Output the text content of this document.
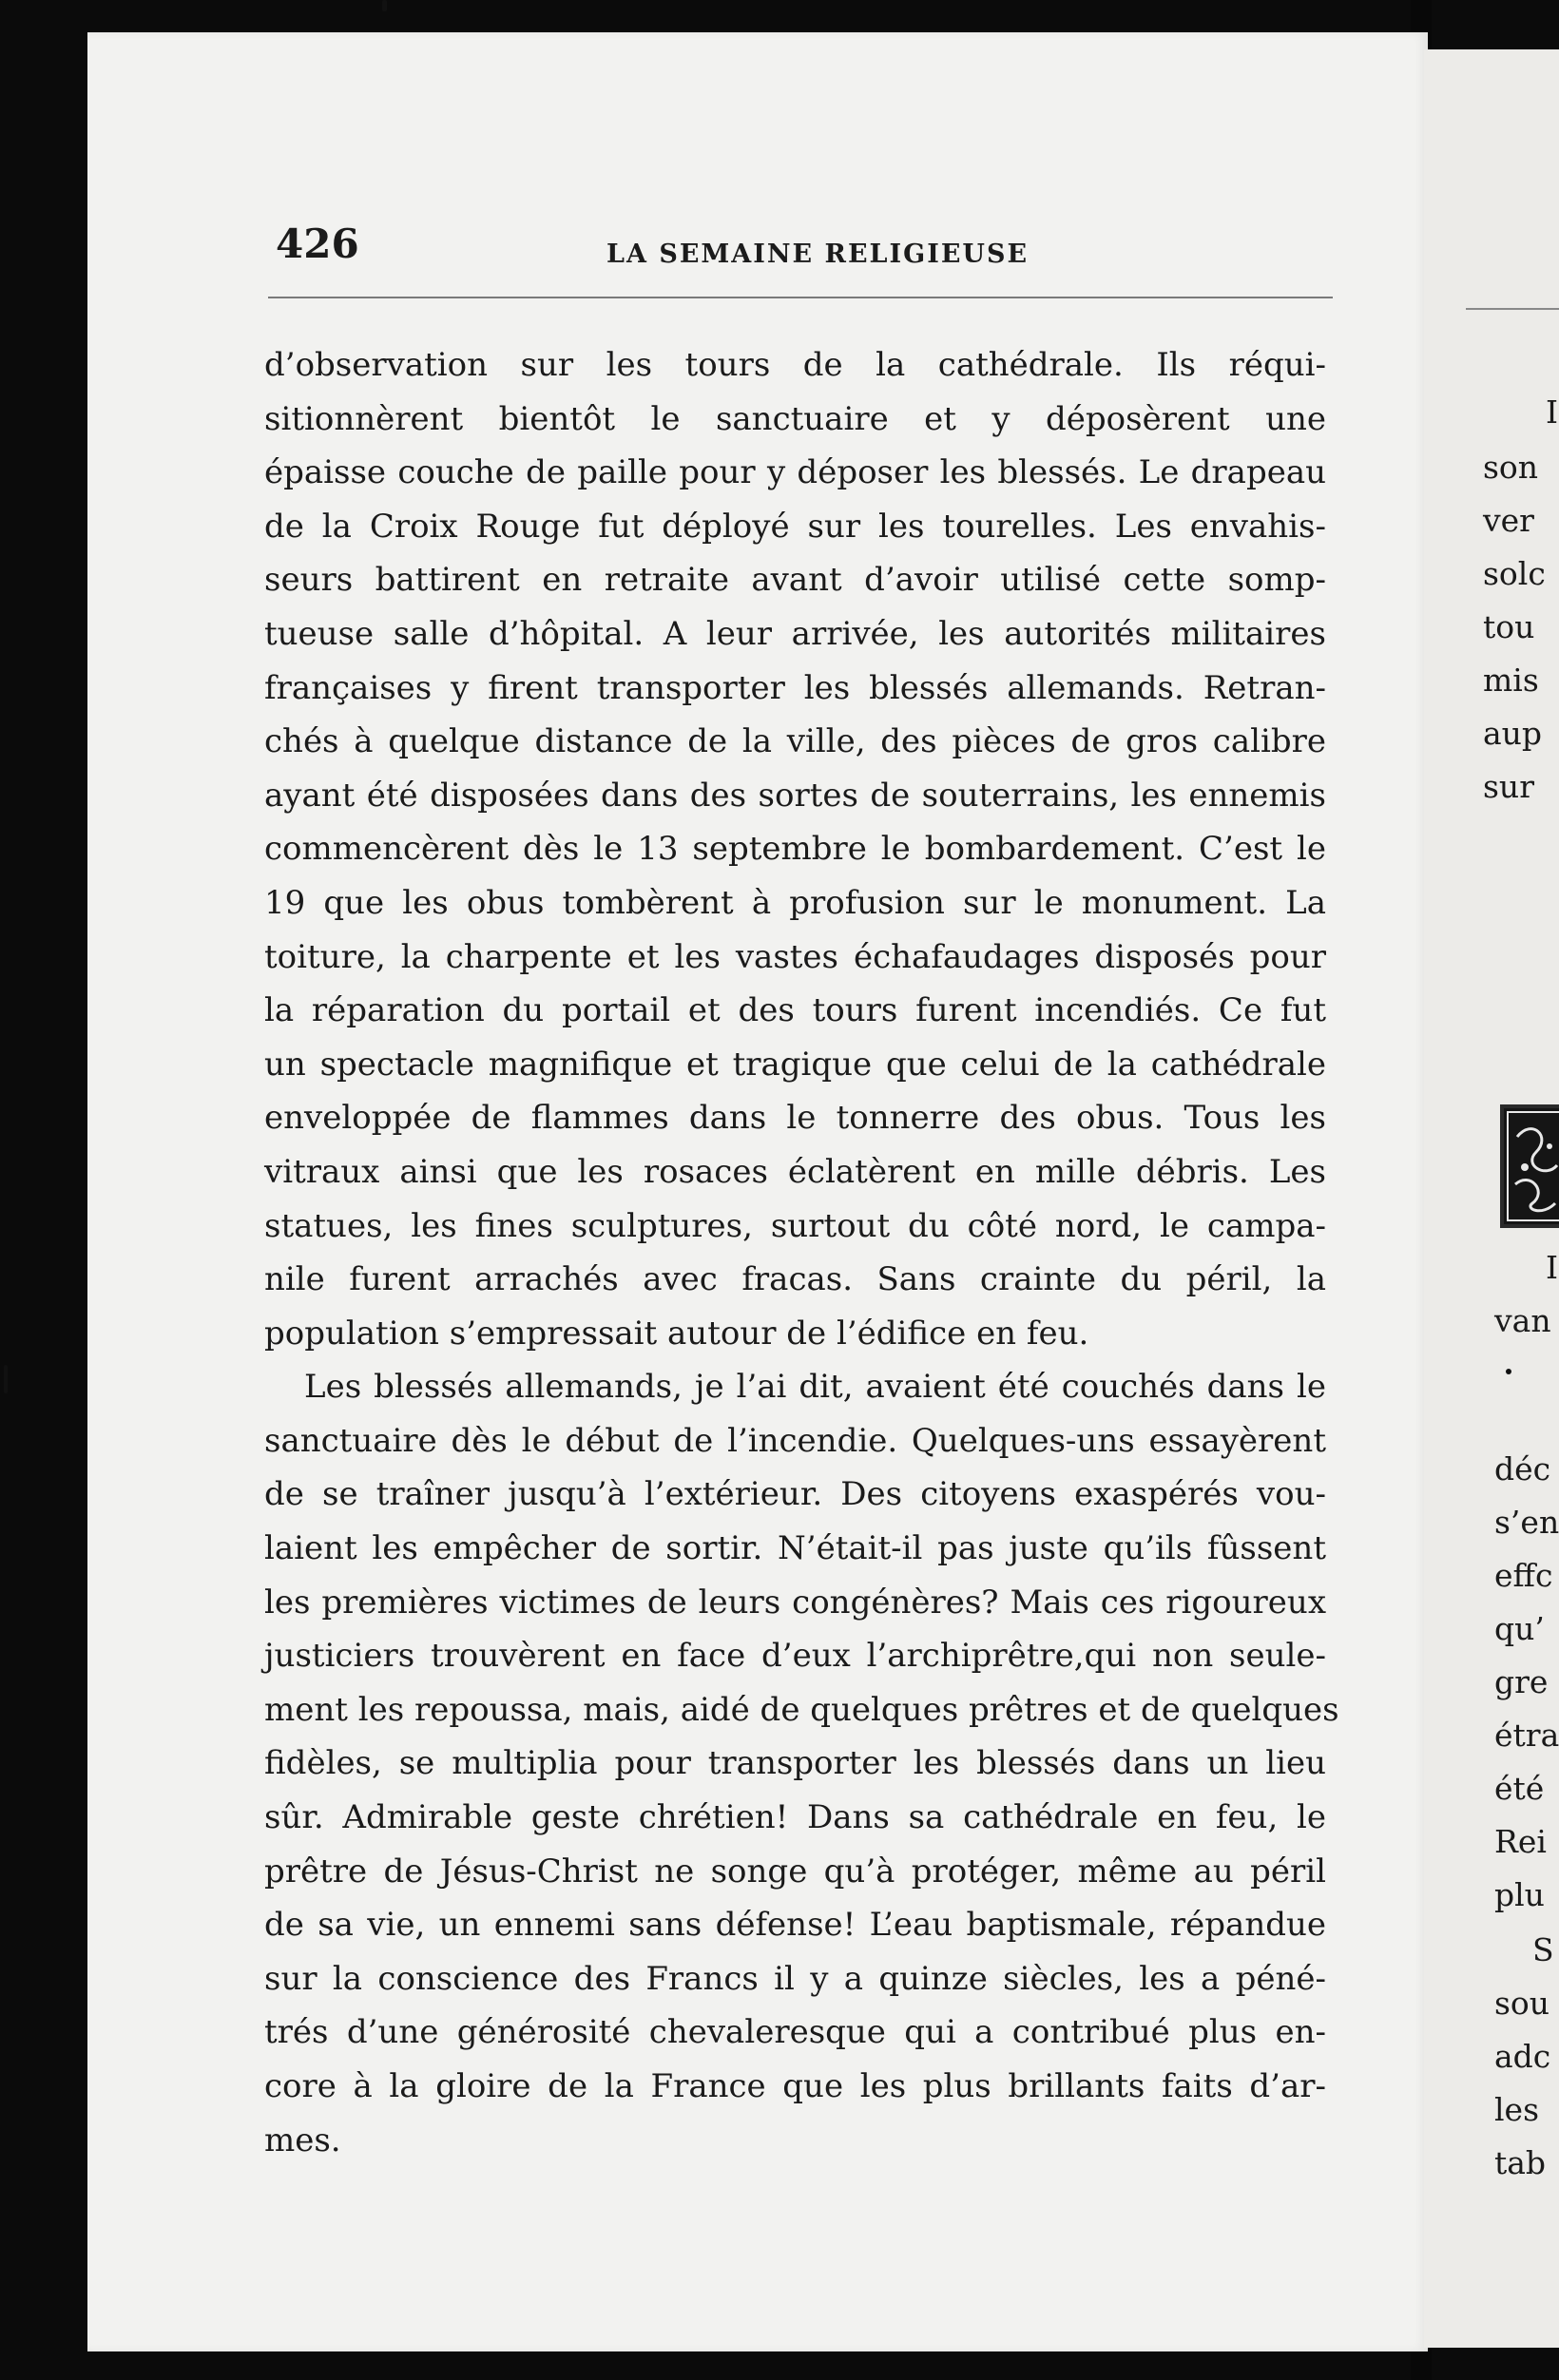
426	LA SEMAINE RELIGIEUSE
d’observation sur les tours de la cathédrale. Ils réqui-
sitionnèrent bientôt le sanctuaire et y déposèrent une
épaisse couche de paille pour y déposer les blessés. Le drapeau
de la Croix Rouge fut déployé sur les tourelles. Les envahis-
seurs battirent en retraite avant d’avoir utilisé cette somp-
tueuse salle d’hôpital. A leur arrivée, les autorités militaires
françaises y firent transporter les blessés allemands. Retran-
chés à quelque distance de la ville, des pièces de gros calibre
ayant été disposées dans des sortes de souterrains, les ennemis
commencèrent dès le 13 septembre le bombardement. C’est le
19 que les obus tombèrent à profusion sur le monument. La
toiture, la charpente et les vastes échafaudages disposés pour
la réparation du portail et des tours furent incendiés. Ce fut
un spectacle magnifique et tragique que celui de la cathédrale
enveloppée de flammes dans le tonnerre des obus. Tous les
vitraux ainsi que les rosaces éclatèrent en mille débris. Les
statues, les fines sculptures, surtout du côté nord, le campa-
nile furent arrachés avec fracas. Sans crainte du péril, la
population s’empressait autour de l’édifice en feu.
Les blessés allemands, je l’ai dit, avaient été couchés dans le
sanctuaire dès le début de l’incendie. Quelques-uns essayèrent
de se traîner jusqu’à l’extérieur. Des citoyens exaspérés vou-
laient les empêcher de sortir. N’était-il pas juste qu’ils fûssent
les premières victimes de leurs congénères? Mais ces rigoureux
justiciers trouvèrent en face d’eux l’archiprêtre,qui non seule-
ment les repoussa, mais, aidé de quelques prêtres et de quelques
fidèles, se multiplia pour transporter les blessés dans un lieu
sûr. Admirable geste chrétien! Dans sa cathédrale en feu, le
prêtre de Jésus-Christ ne songe qu’à protéger, même au péril
de sa vie, un ennemi sans défense! L’eau baptismale, répandue
sur la conscience des Francs il y a quinze siècles, les a péné-
trés d’une générosité chevaleresque qui a contribué plus en-
core à la gloire de la France que les plus brillants faits d’ar-
mes.

I

son

ver

solc

tou

mis

aup

sur

I

van

déc

s’en

effc

qu’

gre

étra

été

Rei

plu

S

sou

adc

les

tab
